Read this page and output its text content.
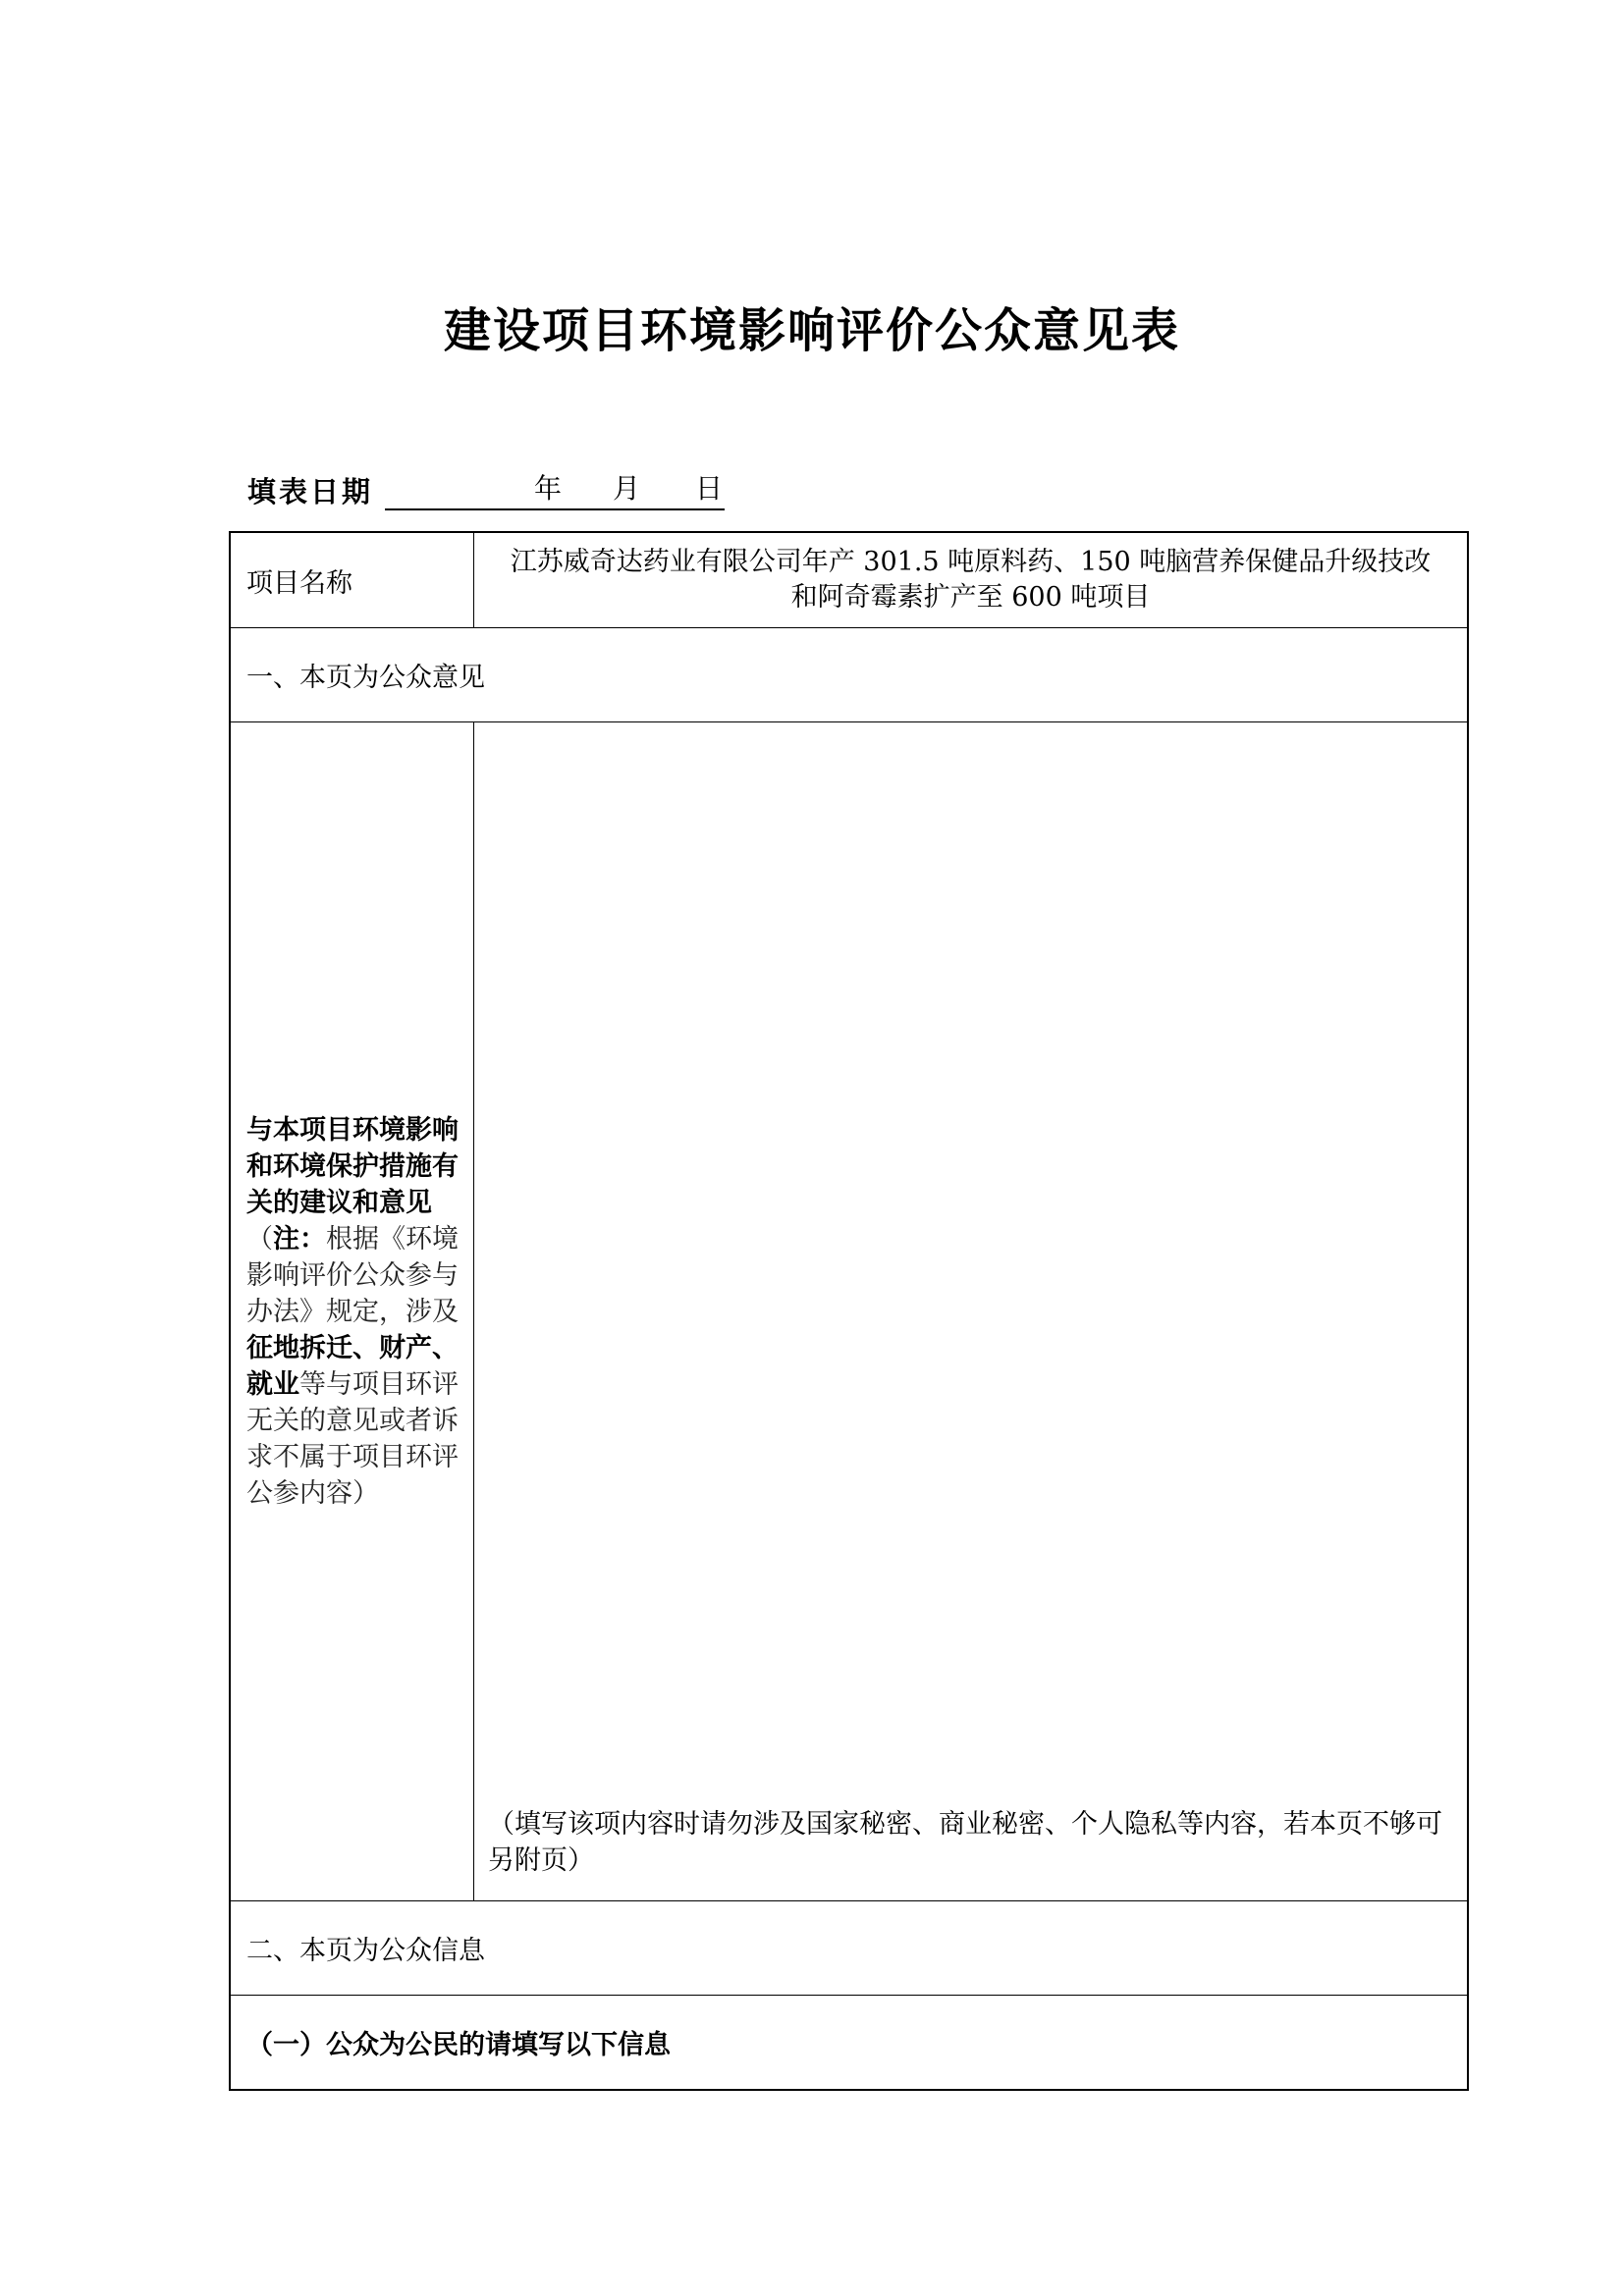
建设项目环境影响评价公众意见表
填表日期	年 月 日
项目名称
江苏威奇达药业有限公司年产 301.5 吨原料药、150 吨脑营养保健品升级技改
和阿奇霉素扩产至 600 吨项目
一、本页为公众意见
与本项目环境影响和环境保护措施有关的建议和意见（注：根据《环境影响评价公众参与办法》规定，涉及征地拆迁、财产、就业等与项目环评无关的意见或者诉求不属于项目环评公参内容）
（填写该项内容时请勿涉及国家秘密、商业秘密、个人隐私等内容，若本页不够可另附页）
二、本页为公众信息
（一）公众为公民的请填写以下信息
